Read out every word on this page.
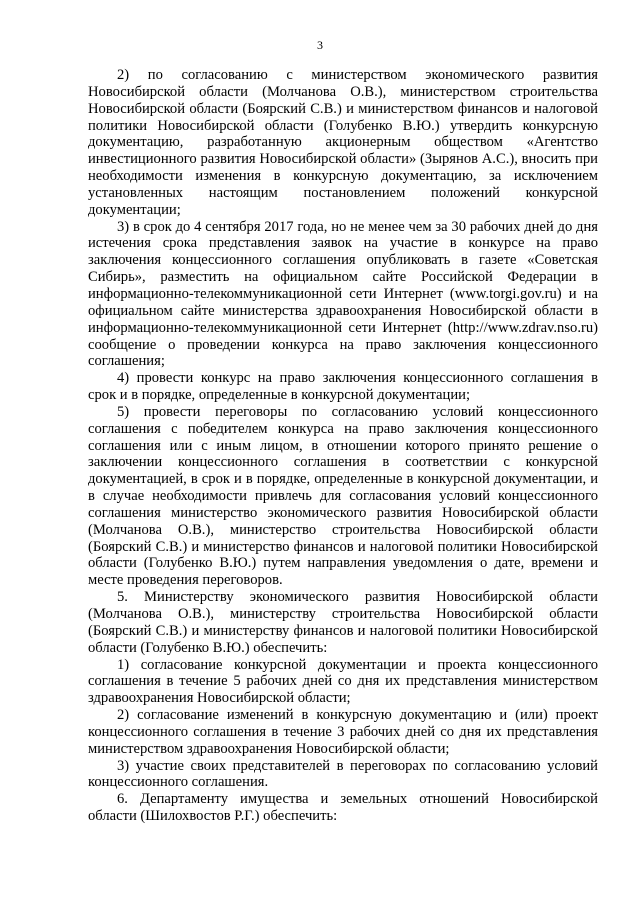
3

2) по согласованию с министерством экономического развития Новосибирской области (Молчанова О.В.), министерством строительства Новосибирской области (Боярский С.В.) и министерством финансов и налоговой политики Новосибирской области (Голубенко В.Ю.) утвердить конкурсную документацию, разработанную акционерным обществом «Агентство инвестиционного развития Новосибирской области» (Зырянов А.С.), вносить при необходимости изменения в конкурсную документацию, за исключением установленных настоящим постановлением положений конкурсной документации;

3) в срок до 4 сентября 2017 года, но не менее чем за 30 рабочих дней до дня истечения срока представления заявок на участие в конкурсе на право заключения концессионного соглашения опубликовать в газете «Советская Сибирь», разместить на официальном сайте Российской Федерации в информационно-телекоммуникационной сети Интернет (www.torgi.gov.ru) и на официальном сайте министерства здравоохранения Новосибирской области в информационно-телекоммуникационной сети Интернет (http://www.zdrav.nso.ru) сообщение о проведении конкурса на право заключения концессионного соглашения;

4) провести конкурс на право заключения концессионного соглашения в срок и в порядке, определенные в конкурсной документации;

5) провести переговоры по согласованию условий концессионного соглашения с победителем конкурса на право заключения концессионного соглашения или с иным лицом, в отношении которого принято решение о заключении концессионного соглашения в соответствии с конкурсной документацией, в срок и в порядке, определенные в конкурсной документации, и в случае необходимости привлечь для согласования условий концессионного соглашения министерство экономического развития Новосибирской области (Молчанова О.В.), министерство строительства Новосибирской области (Боярский С.В.) и министерство финансов и налоговой политики Новосибирской области (Голубенко В.Ю.) путем направления уведомления о дате, времени и месте проведения переговоров.

5. Министерству экономического развития Новосибирской области (Молчанова О.В.), министерству строительства Новосибирской области (Боярский С.В.) и министерству финансов и налоговой политики Новосибирской области (Голубенко В.Ю.) обеспечить:

1) согласование конкурсной документации и проекта концессионного соглашения в течение 5 рабочих дней со дня их представления министерством здравоохранения Новосибирской области;

2) согласование изменений в конкурсную документацию и (или) проект концессионного соглашения в течение 3 рабочих дней со дня их представления министерством здравоохранения Новосибирской области;

3) участие своих представителей в переговорах по согласованию условий концессионного соглашения.

6. Департаменту имущества и земельных отношений Новосибирской области (Шилохвостов Р.Г.) обеспечить:
